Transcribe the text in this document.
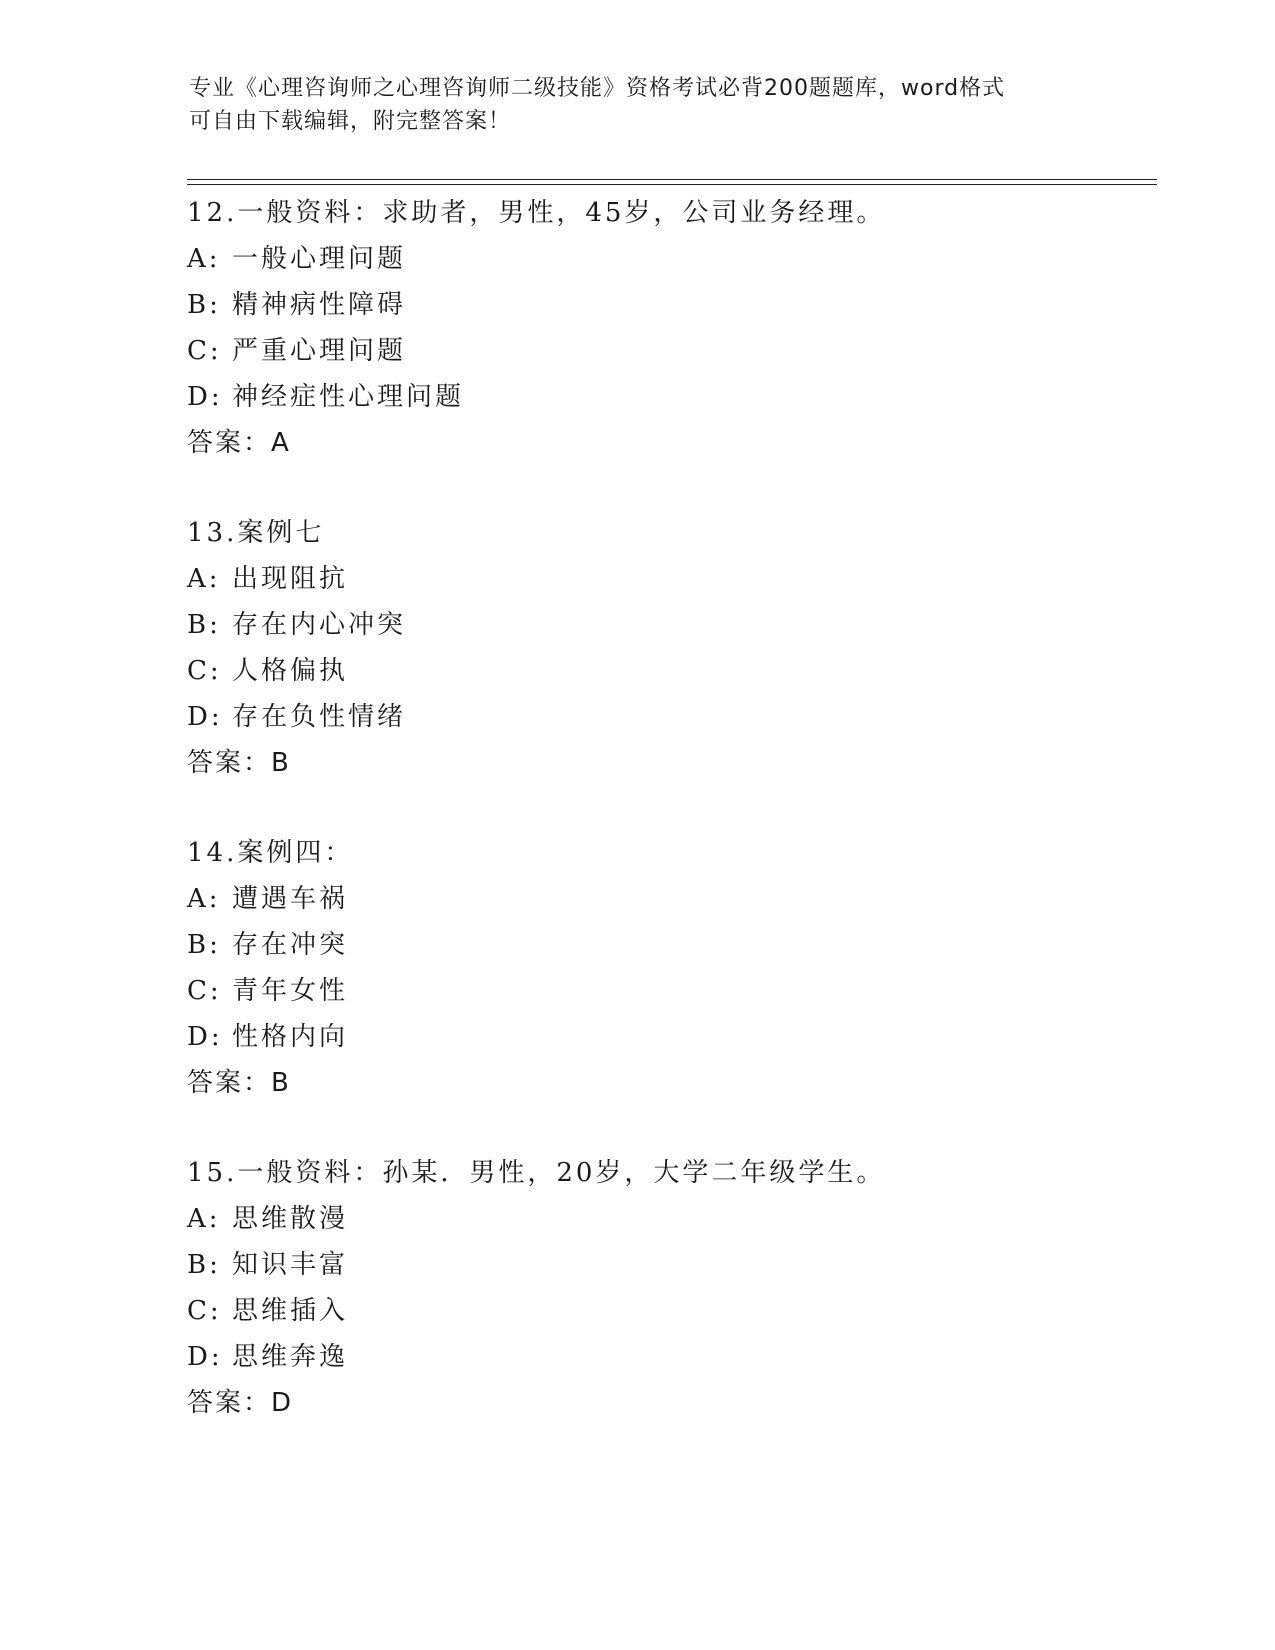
专业《心理咨询师之心理咨询师二级技能》资格考试必背200题题库，word格式
可自由下载编辑，附完整答案！
12.一般资料：求助者，男性，45岁，公司业务经理。
A: 一般心理问题
B: 精神病性障碍
C: 严重心理问题
D: 神经症性心理问题
答案：A
13.案例七
A: 出现阻抗
B: 存在内心冲突
C: 人格偏执
D: 存在负性情绪
答案：B
14.案例四：
A: 遭遇车祸
B: 存在冲突
C: 青年女性
D: 性格内向
答案：B
15.一般资料：孙某．男性，20岁，大学二年级学生。
A: 思维散漫
B: 知识丰富
C: 思维插入
D: 思维奔逸
答案：D
